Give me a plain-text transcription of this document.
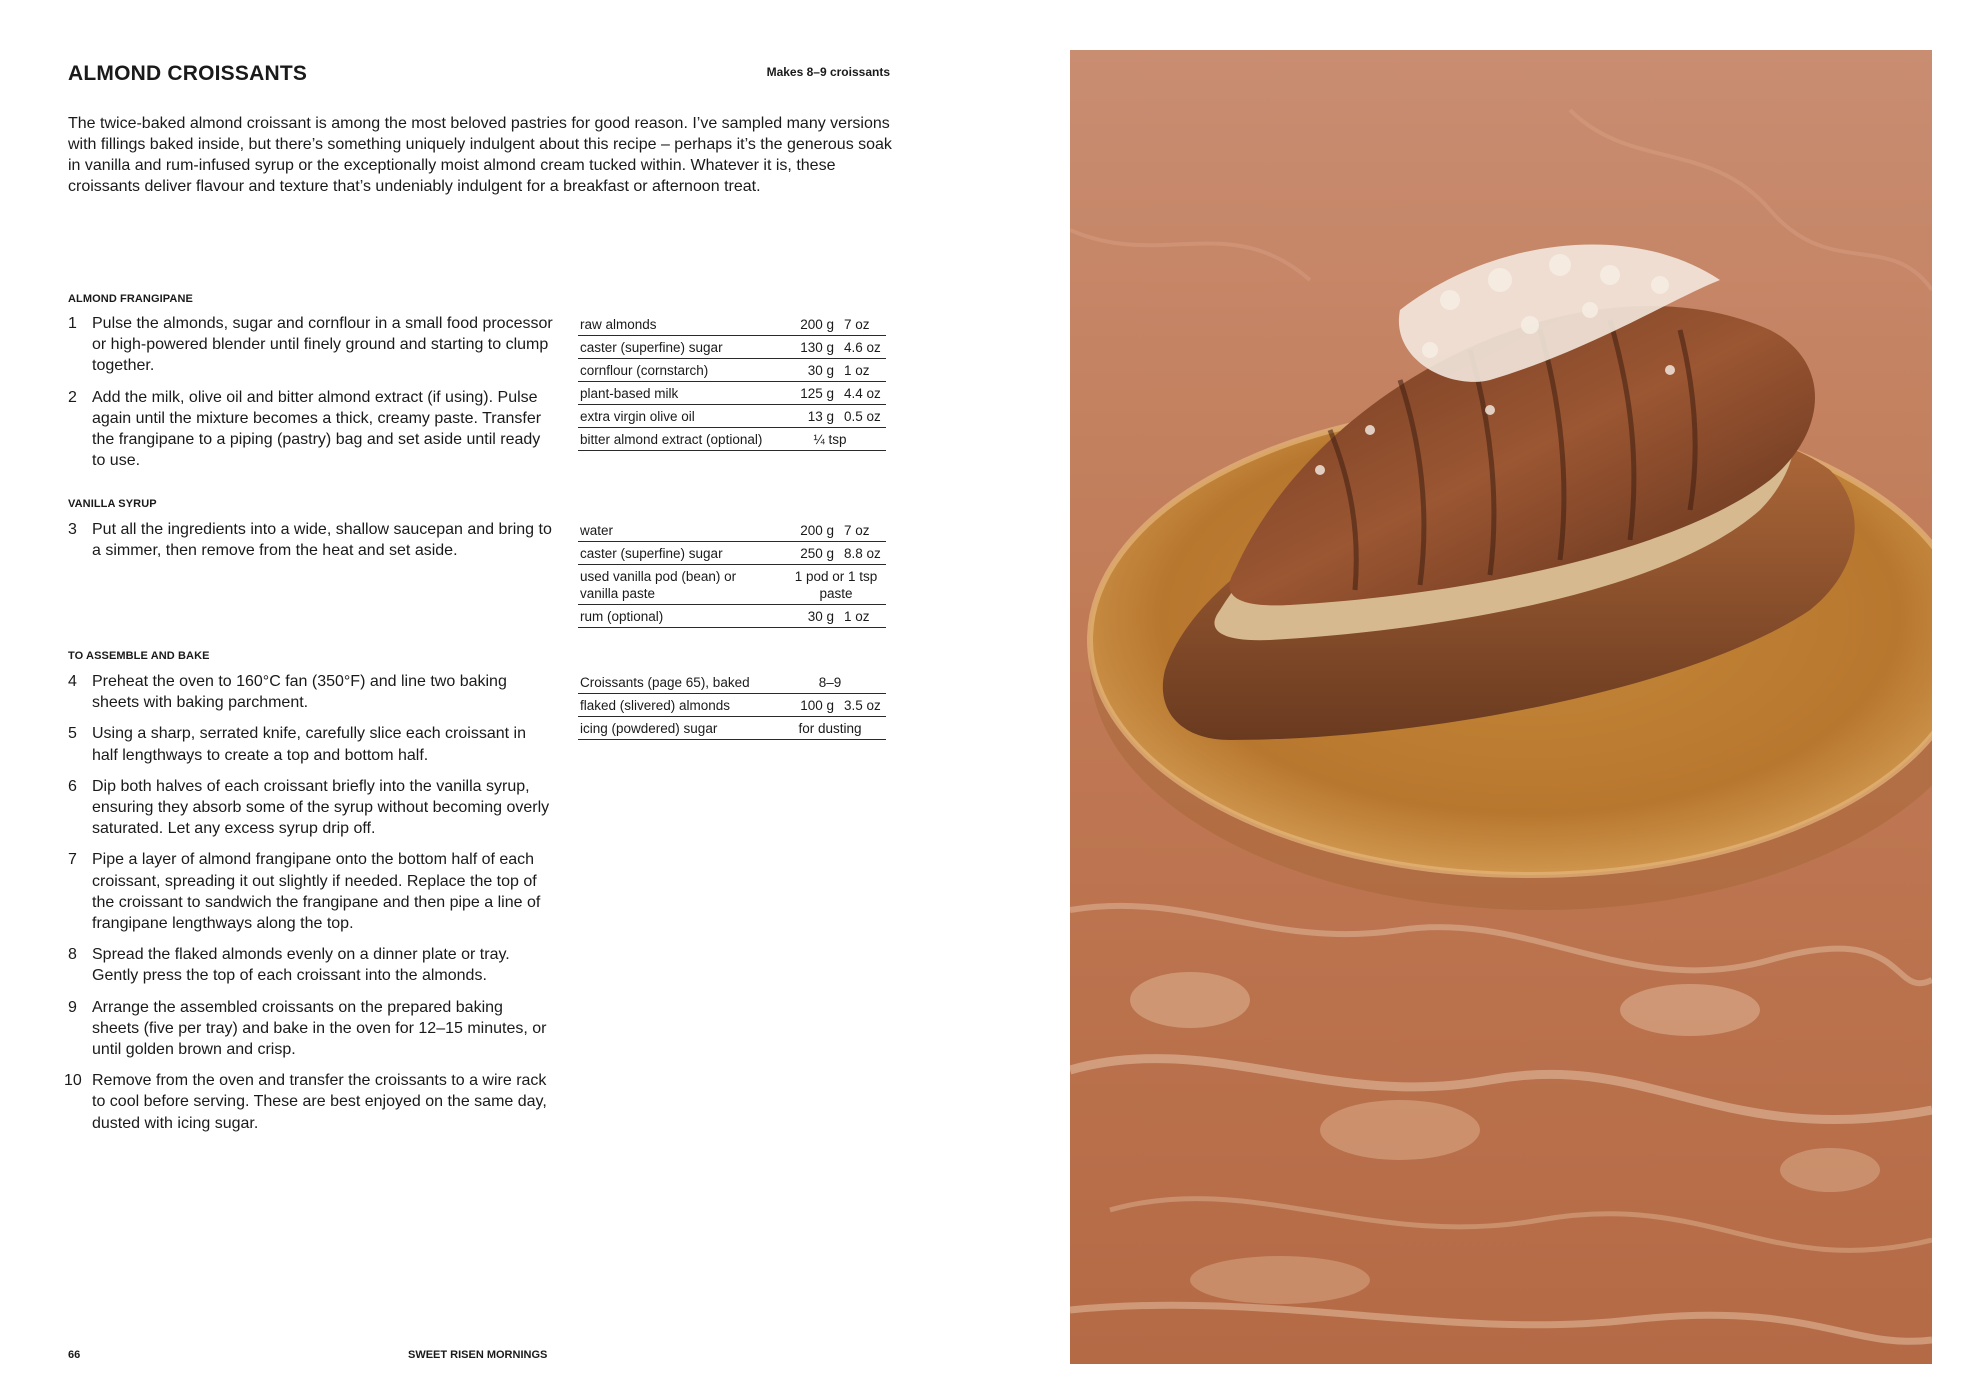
ALMOND CROISSANTS	Makes 8–9 croissants

The twice-baked almond croissant is among the most beloved pastries for good reason. I’ve sampled many versions with fillings baked inside, but there’s something uniquely indulgent about this recipe – perhaps it’s the generous soak in vanilla and rum-infused syrup or the exceptionally moist almond cream tucked within. Whatever it is, these croissants deliver flavour and texture that’s undeniably indulgent for a breakfast or afternoon treat.

ALMOND FRANGIPANE
1 Pulse the almonds, sugar and cornflour in a small food processor or high-powered blender until finely ground and starting to clump together.
2 Add the milk, olive oil and bitter almond extract (if using). Pulse again until the mixture becomes a thick, creamy paste. Transfer the frangipane to a piping (pastry) bag and set aside until ready to use.
raw almonds	200 g 7 oz
caster (superfine) sugar	130 g 4.6 oz
cornflour (cornstarch)	30 g 1 oz
plant-based milk	125 g 4.4 oz
extra virgin olive oil	13 g 0.5 oz
bitter almond extract (optional)	¼ tsp
VANILLA SYRUP
3 Put all the ingredients into a wide, shallow saucepan and bring to a simmer, then remove from the heat and set aside.
water	200 g 7 oz
caster (superfine) sugar	250 g 8.8 oz
used vanilla pod (bean) or vanilla paste	1 pod or 1 tsp paste
rum (optional)	30 g 1 oz
TO ASSEMBLE AND BAKE
4 Preheat the oven to 160°C fan (350°F) and line two baking sheets with baking parchment.
5 Using a sharp, serrated knife, carefully slice each croissant in half lengthways to create a top and bottom half.
6 Dip both halves of each croissant briefly into the vanilla syrup, ensuring they absorb some of the syrup without becoming overly saturated. Let any excess syrup drip off.
7 Pipe a layer of almond frangipane onto the bottom half of each croissant, spreading it out slightly if needed. Replace the top of the croissant to sandwich the frangipane and then pipe a line of frangipane lengthways along the top.
8 Spread the flaked almonds evenly on a dinner plate or tray. Gently press the top of each croissant into the almonds.
9 Arrange the assembled croissants on the prepared baking sheets (five per tray) and bake in the oven for 12–15 minutes, or until golden brown and crisp.
10 Remove from the oven and transfer the croissants to a wire rack to cool before serving. These are best enjoyed on the same day, dusted with icing sugar.
Croissants (page 65), baked	8–9
flaked (slivered) almonds	100 g 3.5 oz
icing (powdered) sugar	for dusting
66	SWEET RISEN MORNINGS
